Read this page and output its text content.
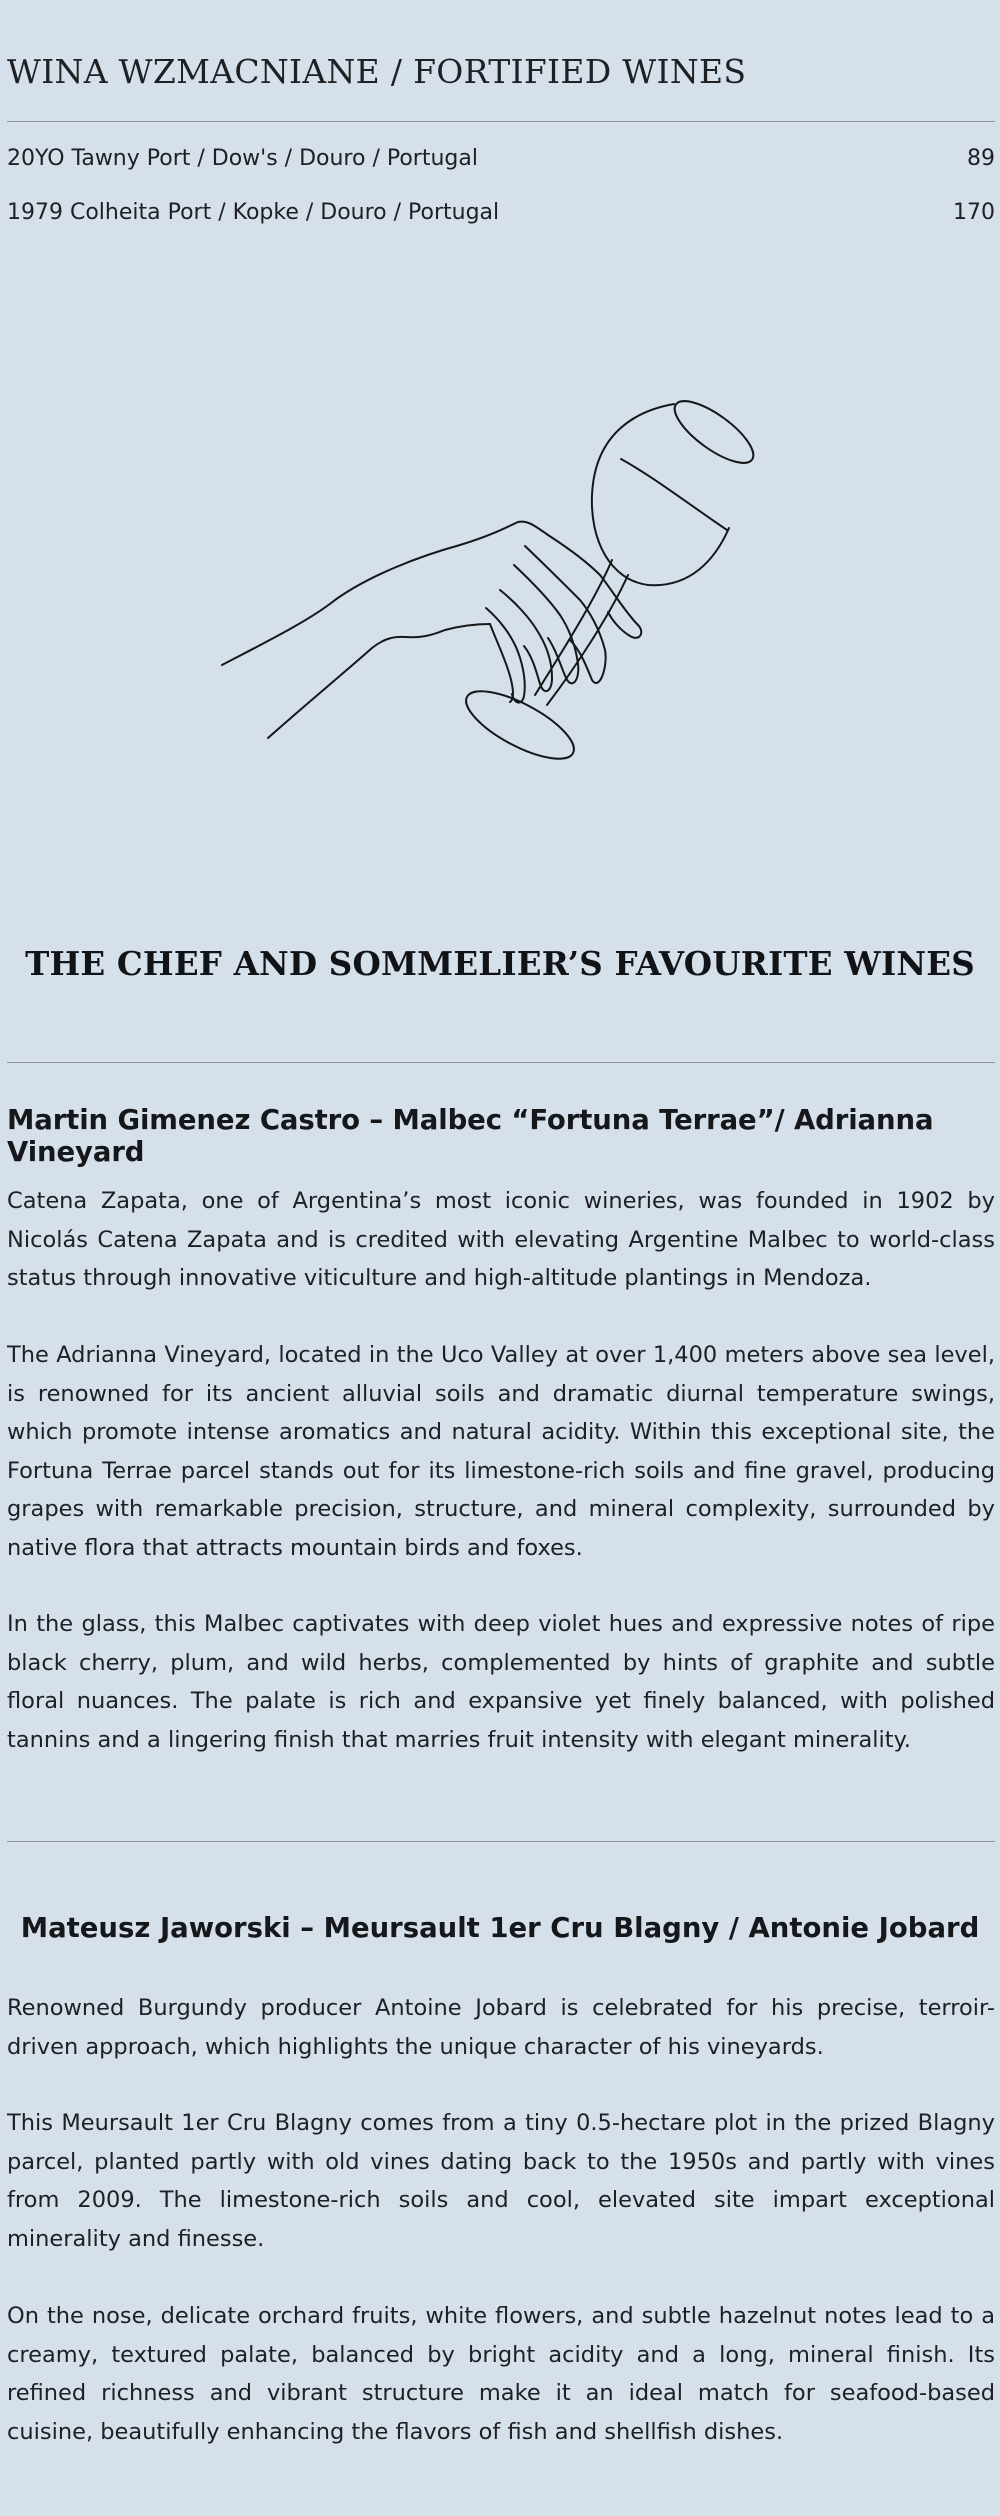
WINA WZMACNIANE / FORTIFIED WINES
20YO Tawny Port / Dow's / Douro / Portugal	89
1979 Colheita Port / Kopke / Douro / Portugal	170
THE CHEF AND SOMMELIER’S FAVOURITE WINES
Martin Gimenez Castro – Malbec “Fortuna Terrae”/ Adrianna Vineyard

Catena Zapata, one of Argentina’s most iconic wineries, was founded in 1902 by Nicolás Catena Zapata and is credited with elevating Argentine Malbec to world-class status through innovative viticulture and high-altitude plantings in Mendoza.

The Adrianna Vineyard, located in the Uco Valley at over 1,400 meters above sea level, is renowned for its ancient alluvial soils and dramatic diurnal temperature swings, which promote intense aromatics and natural acidity. Within this exceptional site, the Fortuna Terrae parcel stands out for its limestone-rich soils and fine gravel, producing grapes with remarkable precision, structure, and mineral complexity, surrounded by native flora that attracts mountain birds and foxes.

In the glass, this Malbec captivates with deep violet hues and expressive notes of ripe black cherry, plum, and wild herbs, complemented by hints of graphite and subtle floral nuances. The palate is rich and expansive yet finely balanced, with polished tannins and a lingering finish that marries fruit intensity with elegant minerality.

Mateusz Jaworski – Meursault 1er Cru Blagny / Antonie Jobard

Renowned Burgundy producer Antoine Jobard is celebrated for his precise, terroir-driven approach, which highlights the unique character of his vineyards.

This Meursault 1er Cru Blagny comes from a tiny 0.5-hectare plot in the prized Blagny parcel, planted partly with old vines dating back to the 1950s and partly with vines from 2009. The limestone-rich soils and cool, elevated site impart exceptional minerality and finesse.

On the nose, delicate orchard fruits, white flowers, and subtle hazelnut notes lead to a creamy, textured palate, balanced by bright acidity and a long, mineral finish. Its refined richness and vibrant structure make it an ideal match for seafood-based cuisine, beautifully enhancing the flavors of fish and shellfish dishes.
